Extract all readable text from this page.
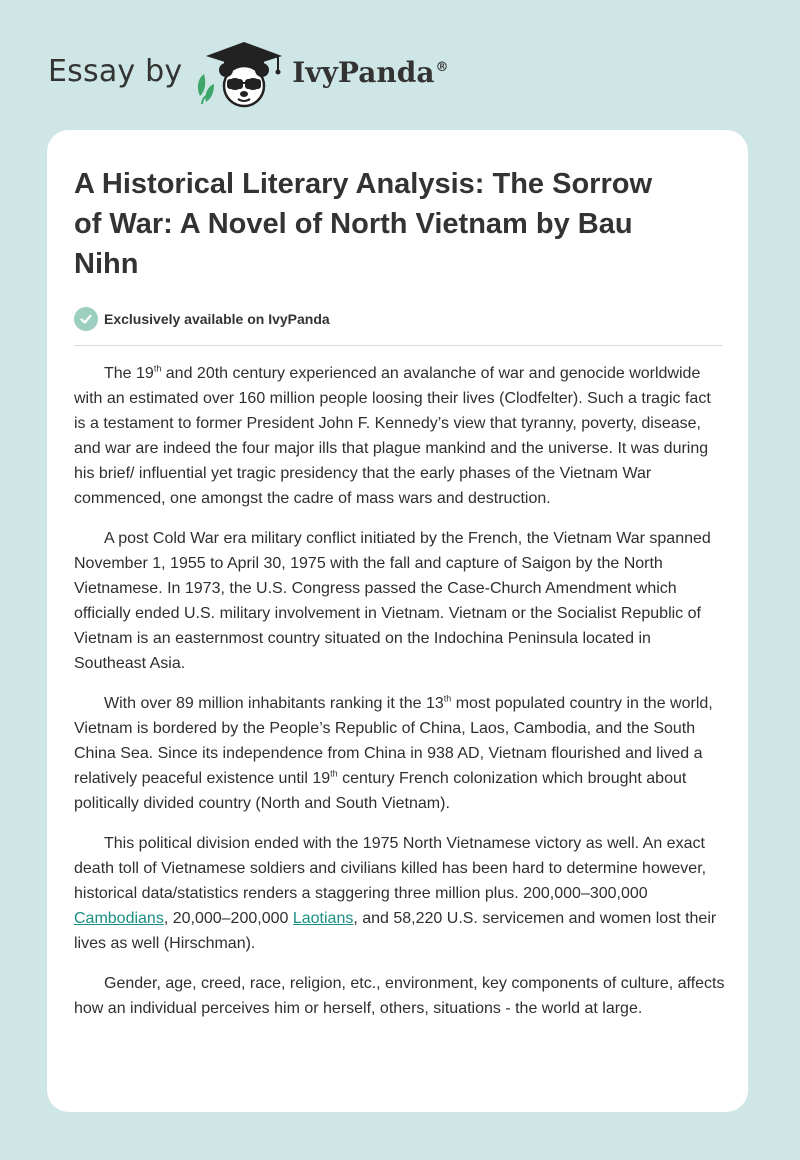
Essay by	IvyPanda®
A Historical Literary Analysis: The Sorrow of War: A Novel of North Vietnam by Bau Nihn
Exclusively available on IvyPanda

The 19th and 20th century experienced an avalanche of war and genocide worldwide with an estimated over 160 million people loosing their lives (Clodfelter). Such a tragic fact is a testament to former President John F. Kennedy’s view that tyranny, poverty, disease, and war are indeed the four major ills that plague mankind and the universe. It was during his brief/ influential yet tragic presidency that the early phases of the Vietnam War commenced, one amongst the cadre of mass wars and destruction.

A post Cold War era military conflict initiated by the French, the Vietnam War spanned November 1, 1955 to April 30, 1975 with the fall and capture of Saigon by the North Vietnamese. In 1973, the U.S. Congress passed the Case-Church Amendment which officially ended U.S. military involvement in Vietnam. Vietnam or the Socialist Republic of Vietnam is an easternmost country situated on the Indochina Peninsula located in Southeast Asia.

With over 89 million inhabitants ranking it the 13th most populated country in the world, Vietnam is bordered by the People’s Republic of China, Laos, Cambodia, and the South China Sea. Since its independence from China in 938 AD, Vietnam flourished and lived a relatively peaceful existence until 19th century French colonization which brought about politically divided country (North and South Vietnam).

This political division ended with the 1975 North Vietnamese victory as well. An exact death toll of Vietnamese soldiers and civilians killed has been hard to determine however, historical data/statistics renders a staggering three million plus. 200,000–300,000 Cambodians, 20,000–200,000 Laotians, and 58,220 U.S. servicemen and women lost their lives as well (Hirschman).

Gender, age, creed, race, religion, etc., environment, key components of culture, affects how an individual perceives him or herself, others, situations - the world at large.
